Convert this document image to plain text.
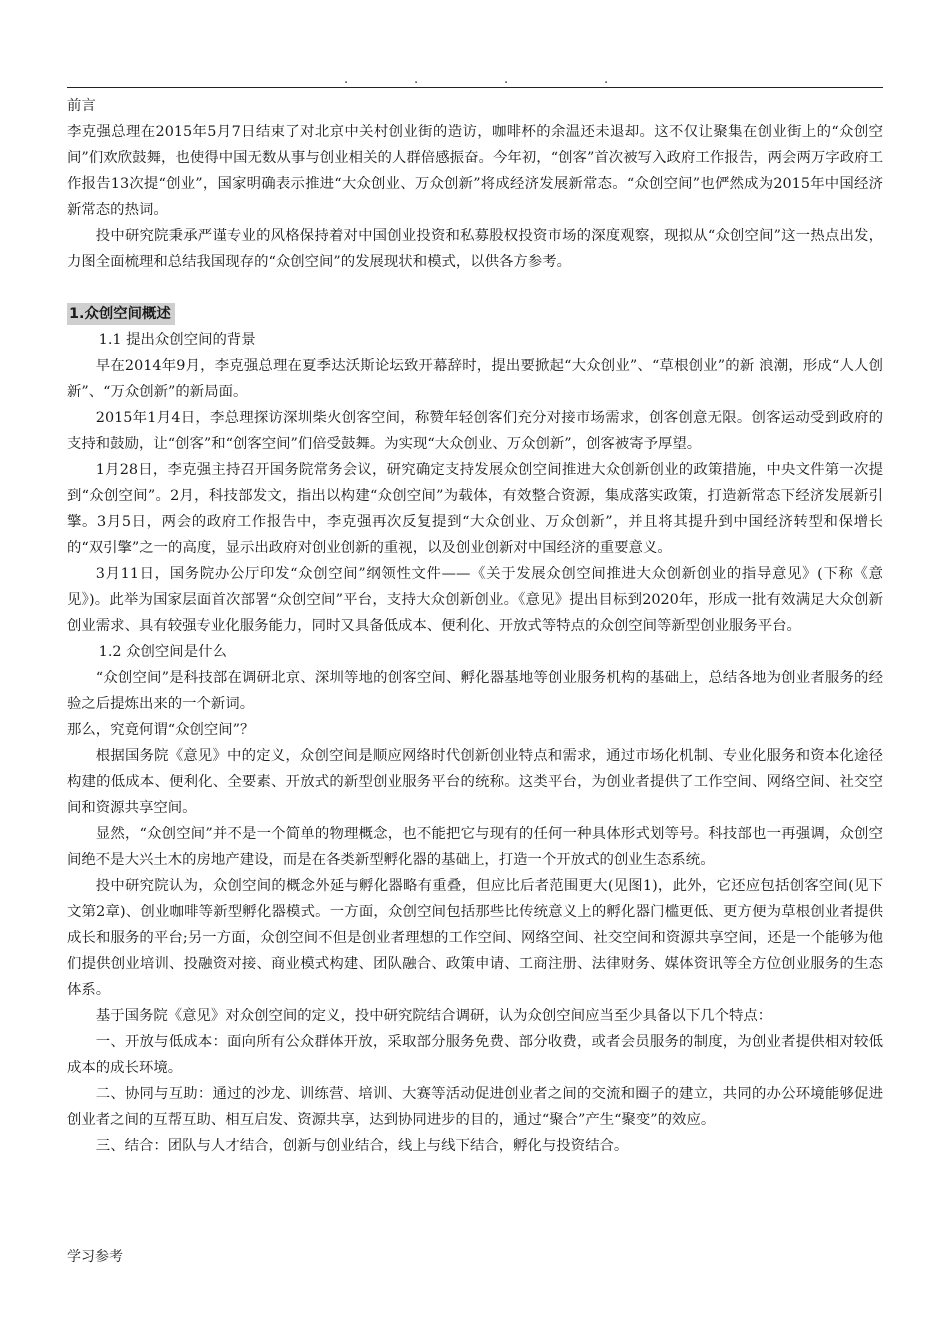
.	.	.	.

前言

李克强总理在2015年5月7日结束了对北京中关村创业街的造访，咖啡杯的余温还未退却。这不仅让聚集在创业街上的“众创空间”们欢欣鼓舞，也使得中国无数从事与创业相关的人群倍感振奋。今年初，“创客”首次被写入政府工作报告，两会两万字政府工作报告13次提“创业”，国家明确表示推进“大众创业、万众创新”将成经济发展新常态。“众创空间”也俨然成为2015年中国经济新常态的热词。

投中研究院秉承严谨专业的风格保持着对中国创业投资和私募股权投资市场的深度观察，现拟从“众创空间”这一热点出发，力图全面梳理和总结我国现存的“众创空间”的发展现状和模式，以供各方参考。

1.众创空间概述

1.1 提出众创空间的背景

早在2014年9月，李克强总理在夏季达沃斯论坛致开幕辞时，提出要掀起“大众创业”、“草根创业”的新 浪潮，形成“人人创新”、“万众创新”的新局面。

2015年1月4日，李总理探访深圳柴火创客空间，称赞年轻创客们充分对接市场需求，创客创意无限。创客运动受到政府的支持和鼓励，让“创客”和“创客空间”们倍受鼓舞。为实现“大众创业、万众创新”，创客被寄予厚望。

1月28日，李克强主持召开国务院常务会议，研究确定支持发展众创空间推进大众创新创业的政策措施，中央文件第一次提到“众创空间”。2月，科技部发文，指出以构建“众创空间”为载体，有效整合资源，集成落实政策，打造新常态下经济发展新引擎。3月5日，两会的政府工作报告中，李克强再次反复提到“大众创业、万众创新”，并且将其提升到中国经济转型和保增长的“双引擎”之一的高度，显示出政府对创业创新的重视，以及创业创新对中国经济的重要意义。

3月11日，国务院办公厅印发“众创空间”纲领性文件——《关于发展众创空间推进大众创新创业的指导意见》(下称《意见》)。此举为国家层面首次部署“众创空间”平台，支持大众创新创业。《意见》提出目标到2020年，形成一批有效满足大众创新创业需求、具有较强专业化服务能力，同时又具备低成本、便利化、开放式等特点的众创空间等新型创业服务平台。

1.2 众创空间是什么

“众创空间”是科技部在调研北京、深圳等地的创客空间、孵化器基地等创业服务机构的基础上，总结各地为创业者服务的经验之后提炼出来的一个新词。

那么，究竟何谓“众创空间”？

根据国务院《意见》中的定义，众创空间是顺应网络时代创新创业特点和需求，通过市场化机制、专业化服务和资本化途径构建的低成本、便利化、全要素、开放式的新型创业服务平台的统称。这类平台，为创业者提供了工作空间、网络空间、社交空间和资源共享空间。

显然，“众创空间”并不是一个简单的物理概念，也不能把它与现有的任何一种具体形式划等号。科技部也一再强调，众创空间绝不是大兴土木的房地产建设，而是在各类新型孵化器的基础上，打造一个开放式的创业生态系统。

投中研究院认为，众创空间的概念外延与孵化器略有重叠，但应比后者范围更大(见图1)，此外，它还应包括创客空间(见下文第2章)、创业咖啡等新型孵化器模式。一方面，众创空间包括那些比传统意义上的孵化器门槛更低、更方便为草根创业者提供成长和服务的平台;另一方面，众创空间不但是创业者理想的工作空间、网络空间、社交空间和资源共享空间，还是一个能够为他们提供创业培训、投融资对接、商业模式构建、团队融合、政策申请、工商注册、法律财务、媒体资讯等全方位创业服务的生态体系。

基于国务院《意见》对众创空间的定义，投中研究院结合调研，认为众创空间应当至少具备以下几个特点：

一、开放与低成本：面向所有公众群体开放，采取部分服务免费、部分收费，或者会员服务的制度，为创业者提供相对较低成本的成长环境。

二、协同与互助：通过的沙龙、训练营、培训、大赛等活动促进创业者之间的交流和圈子的建立，共同的办公环境能够促进创业者之间的互帮互助、相互启发、资源共享，达到协同进步的目的，通过“聚合”产生“聚变”的效应。

三、结合：团队与人才结合，创新与创业结合，线上与线下结合，孵化与投资结合。

学习参考
